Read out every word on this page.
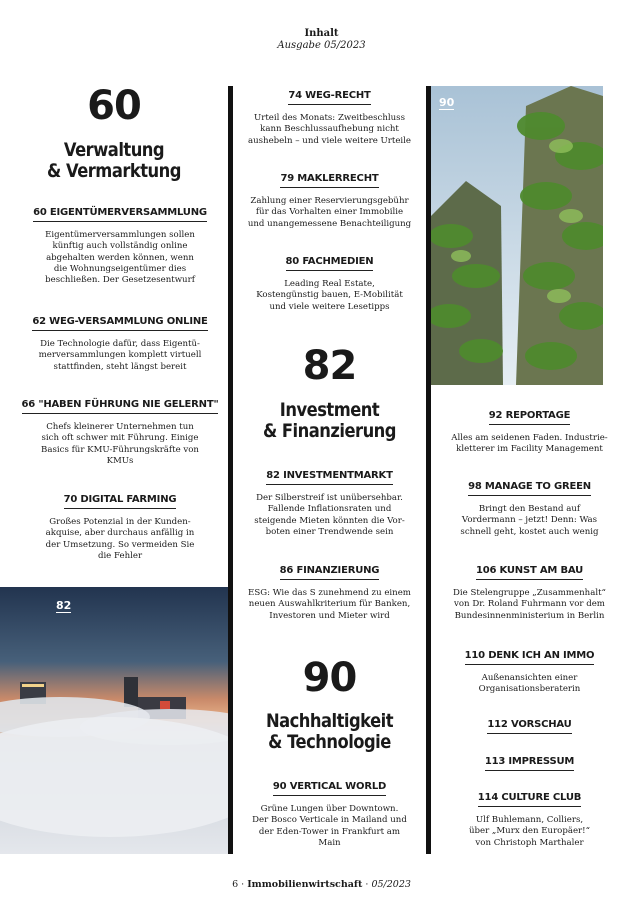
Inhalt
Ausgabe 05/2023
60
Verwaltung
& Vermarktung
60 EIGENTÜMERVERSAMMLUNG
Eigentümerversammlungen sollen
künftig auch vollständig online
abgehalten werden können, wenn
die Wohnungseigentümer dies
beschließen. Der Gesetzesentwurf
62 WEG-VERSAMMLUNG ONLINE
Die Technologie dafür, dass Eigentü-
merversammlungen komplett virtuell
stattfinden, steht längst bereit
66 "HABEN FÜHRUNG NIE GELERNT"
Chefs kleinerer Unternehmen tun
sich oft schwer mit Führung. Einige
Basics für KMU-Führungskräfte von
KMUs
70 DIGITAL FARMING
Großes Potenzial in der Kunden-
akquise, aber durchaus anfällig in
der Umsetzung. So vermeiden Sie
die Fehler
82
74 WEG-RECHT
Urteil des Monats: Zweitbeschluss
kann Beschlussaufhebung nicht
aushebeln – und viele weitere Urteile
79 MAKLERRECHT
Zahlung einer Reservierungsgebühr
für das Vorhalten einer Immobilie
und unangemessene Benachteiligung
80 FACHMEDIEN
Leading Real Estate,
Kostengünstig bauen, E-Mobilität
und viele weitere Lesetipps
82
Investment
& Finanzierung
82 INVESTMENTMARKT
Der Silberstreif ist unübersehbar.
Fallende Inflationsraten und
steigende Mieten könnten die Vor-
boten einer Trendwende sein
86 FINANZIERUNG
ESG: Wie das S zunehmend zu einem
neuen Auswahlkriterium für Banken,
Investoren und Mieter wird
90
Nachhaltigkeit
& Technologie
90 VERTICAL WORLD
Grüne Lungen über Downtown.
Der Bosco Verticale in Mailand und
der Eden-Tower in Frankfurt am
Main
90
92 REPORTAGE
Alles am seidenen Faden. Industrie-
kletterer im Facility Management
98 MANAGE TO GREEN
Bringt den Bestand auf
Vordermann – jetzt! Denn: Was
schnell geht, kostet auch wenig
106 KUNST AM BAU
Die Stelengruppe „Zusammenhalt“
von Dr. Roland Fuhrmann vor dem
Bundesinnenministerium in Berlin
110 DENK ICH AN IMMO
Außenansichten einer
Organisationsberaterin
112 VORSCHAU
113 IMPRESSUM
114 CULTURE CLUB
Ulf Buhlemann, Colliers,
über „Murx den Europäer!“
von Christoph Marthaler
6 · Immobilienwirtschaft · 05/2023
